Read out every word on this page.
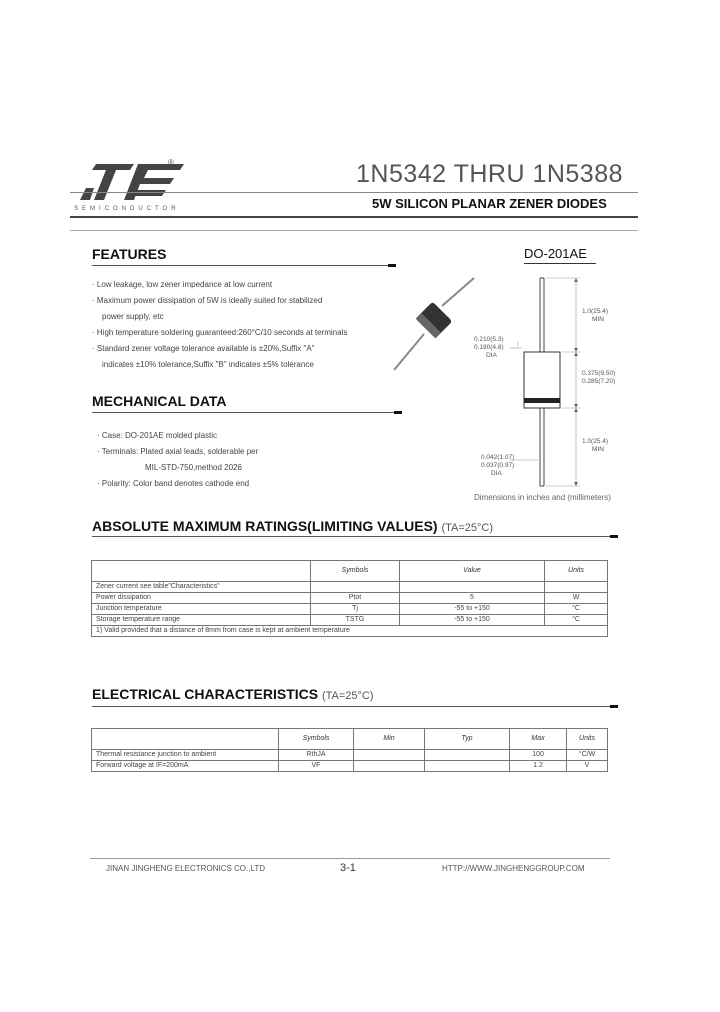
®
SEMICONDUCTOR
1N5342 THRU 1N5388
5W SILICON PLANAR ZENER DIODES
FEATURES
· Low leakage, low zener impedance at low current
· Maximum power dissipation of 5W is ideally suited for stabilized
power supply, etc
· High temperature soldering guaranteed:260°C/10 seconds at terminals
· Standard zener voltage tolerance available is ±20%,Suffix "A"
indicates ±10% tolerance,Suffix "B" indicates ±5% tolerance
MECHANICAL DATA
· Case: DO-201AE molded plastic
· Terminals: Plated axial leads, solderable per
MIL-STD-750,method 2026
· Polarity: Color band denotes cathode end
DO-201AE
1.0(25.4)
MIN
0.210(5.3)
0.190(4.8)
DIA
0.375(9.50)
0.285(7.20)
1.0(25.4)
MIN
0.042(1.07)
0.037(0.97)
DIA
Dimensions in inches and (millimeters)
ABSOLUTE MAXIMUM RATINGS(LIMITING VALUES) (TA=25°C)
	Symbols	Value	Units
Zener current see table"Characteristics"			
Power dissipation	Ptot	5	W
Junction temperature	Tj	-55 to +150	°C
Storage temperature range	TSTG	-55 to +150	°C
1) Valid provided that a distance of 8mm from case is kept at ambient temperature			
ELECTRICAL CHARACTERISTICS (TA=25°C)
	Symbols	Min	Typ	Max	Units
Thermal resistance junction to ambient	RthJA			100	°C/W
Forward voltage at IF=200mA	VF			1.2	V
JINAN JINGHENG ELECTRONICS CO.,LTD	3-1	HTTP://WWW.JINGHENGGROUP.COM
